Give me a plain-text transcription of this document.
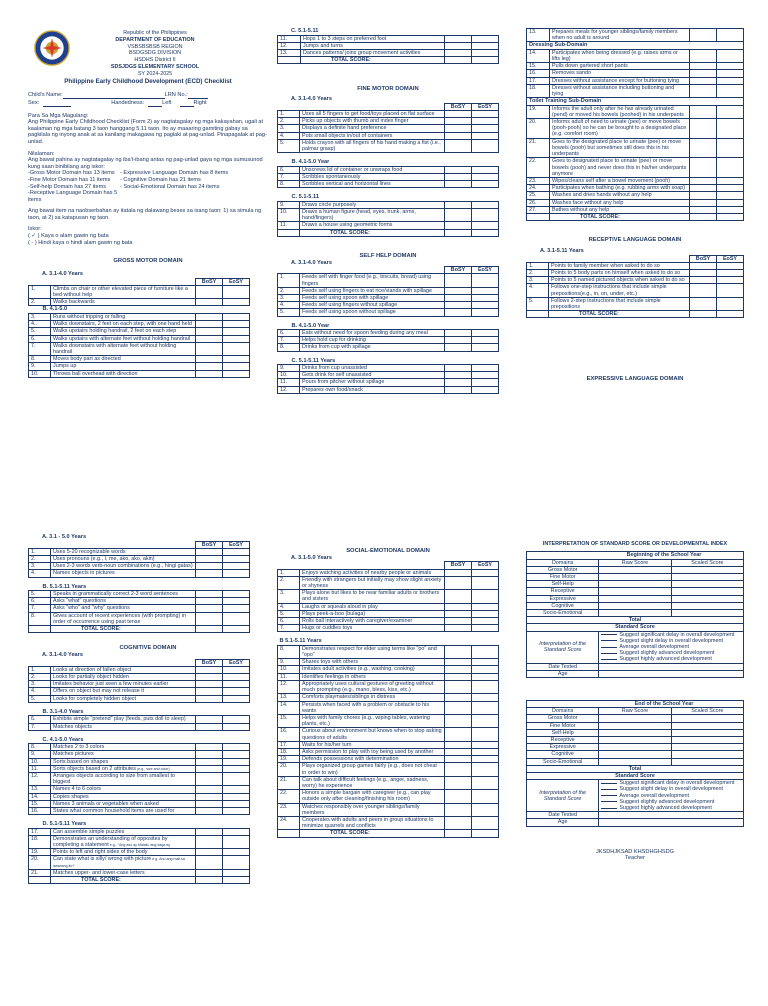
Republic of the Philippines
DEPARTMENT OF EDUCATION
VSBSBSBSB REGION
BSDGSDG DIVISION
HSDHS District II
SDSJDGS ELEMENTARY SCHOOL
SY 2024-2025
Philippine Early Childhood Development (ECD) Checklist
Child's Name:	LRN No.:
Sex:	Handedness:	Left	Right

Para Sa Mga Magulang:

Ang Philippine Early Childhood Checklist (Form 2) ay nagtatagalay ng mga kakayahan, ugali at kaalaman ng mga batang 3 taon hanggang 5.11 taon. Ito ay maaaring gamiting gabay sa pagkilala ng inyong anak at sa kanilang makagawa ng paglaki at pag-unlad. Pinapagalak at pag-unlad.

Nilalaman:

Ang bawat pahina ay nagtatagalay ng iba't-ibang antas ng pag-unlad gaya ng mga sumusunod kung saan binibilang ang iskor:

-Gross Motor Domain has 13 items - Expressive Language Domain has 8 items
-Fine Motor Domain has 11 items	- Cognitive Domain has 21 items
-Self-help Domain has 27 items	- Social-Emotional Domain has 24 items
-Receptive Language Domain has 5 items

Ang bawat item na naobserbahan ay itatala ng dalawang beses sa isang taon: 1) sa simula ng taon, at 2) sa katapusan ng taon.

Iskor:

( ✓ ) Kaya o alam gawin ng bata

( - ) Hindi kaya o hindi alam gawin ng bata

GROSS MOTOR DOMAIN
A. 3.1-4.0 Years
		BoSY	EoSY
1.	Climbs on chair or other elevated piece of furniture like a bed without help		
2.	Walks backwards		
B. 4.1-5.0			
3.	Runs without tripping or falling		
4..	Walks downstairs, 2 feet on each step, with one hand held		
5.	Walks upstairs holding handrail, 2 feet on each step		
6.	Walks upstairs with alternate feet without holding handrail		
7.	Walks downstairs with alternate feet without holding handrail		
8.	Moves body part as directed		
9.	Jumps up		
10.	Throws ball overhead with direction		
A. 3.1 - 5.0 Years
		BoSY	EoSY
1.	Uses 5-20 recognizable words		
2.	Uses pronouns (e.g., I, me, ako, ako, akin)		
3.	Uses 2-3 words verb-noun combinations (e.g., hingi gatas)		
4.	Names objects in pictures		

B. 5.1-5.11 Years			
5.	Speaks in grammatically correct 2-3 word sentences		
6.	Asks "what" questions		
7.	Asks "who" and "why" questions		
8.	Gives account of recent experiences (with prompting) in order of occurrence using past tense		
	TOTAL SCORE:		
COGNITIVE DOMAIN
A. 3.1-4.0 Years
		BoSY	EoSY
1.	Looks at direction of fallen object		
2.	Looks for partially object hidden		
3.	Imitates behavior just seen a few minutes earlier		
4.	Offers on object but may not release it		
5.	Looks for completely hidden object		

B. 3.1-4.0 Years			
6.	Exhibits simple "pretend" play (feeds, puts doll to sleep)		
7.	Matches objects		

C. 4.1-5.0 Years			
8.	Matches 2 to 3 colors		
9.	Matches pictures		
10.	Sorts based on shapes		
11.	Sorts objects based on 2 attributes (e.g., size and color)		
12.	Arranges objects according to size from smallest to biggest		
13.	Names 4 to 6 colors		
14.	Copies shapes		
15.	Names 3 animals or vegetables when asked		
16.	States what common household items are used for		

D. 5.1-5.11 Years			
17.	Can assemble simple puzzles		
18.	Demonstrates an understanding of opposites by completing a statement e.g., "Ang aso ay Malaki, ang daga ay		
19.	Points to left and right sides of the body		
20.	Can state what is silly/ wrong with picture e.g. Ano ang mali sa larawang ito?		
21.	Matches upper- and lower-case letters		
	TOTAL SCORE:		
C. 5.1-5.11
11.	Hops 1 to 3 steps on preferred foot		
12.	Jumps and turns		
13.	Dances patterns/ joins group movement activities		
	TOTAL SCORE:		
FINE MOTOR DOMAIN
A. 3.1-4.0 Years
		BoSY	EoSY
1.	Uses all 5 fingers to get food/toys placed on flat surface		
2.	Picks up objects with thumb and index finger		
3.	Displays a definite hand preference		
4.	Puts small objects in/out of containers		
5.	Holds crayon with all fingers of his hand making a fist (i.e., palmar grasp)		

B. 4.1-5.0 Year			
6.	Unscrews lid of container or unwraps food		
7.	Scribbles spontaneously		
8.	Scribbles vertical and horizontal lines		

C. 5.1-5.11			
9.	Draws circle purposely		
10.	Draws a human figure (head, eyes, trunk, arms, hand/fingers)		
11.	Draws a house using geometric forms		
	TOTAL SCORE:		
SELF HELP DOMAIN
A. 3.1-4.0 Years
		BoSY	EoSY
1.	Feeds self with finger food (e.g., biscuits, bread) using fingers		
2.	Feeds self using fingers to eat rice/viands with spillage		
3.	Feeds self using spoon with spillage		
4.	Feeds self using fingers without spillage		
5.	Feeds self using spoon without spillage		

B. 4.1-5.0 Year			
6.	Eats without need for spoon feeding during any meal		
7.	Helps hold cup for drinking		
8.	Drinks from cup with spillage		

C. 5.1-5.11 Years			
9.	Drinks from cup unassisted		
10.	Gets drink for self unassisted		
11.	Pours from pitcher without spillage		
12.	Prepares own food/snack		
SOCIAL-EMOTIONAL DOMAIN
A. 3.1-5.0 Years
		BoSY	EoSY
1.	Enjoys watching activities of nearby people or animals		
2.	Friendly with strangers but initially may show slight anxiety or shyness		
3.	Plays alone but likes to be near familiar adults or brothers and sisters		
4.	Laughs or squeals aloud in play		
5.	Plays peek-a-boo (bulaga)		
6.	Rolls ball interactively with caregiver/examiner		
7.	Hugs or cuddles toys		

B 5.1-5.11 Years			
8.	Demonstrates respect for elder using terms like "po" and "opo"		
9.	Shares toys with others		
10.	Imitates adult activities (e.g., washing, cooking)		
11.	Identifies feelings in others		
12.	Appropriately uses cultural gestures of greeting without much prompting (e.g., mano, bless, kiss, etc.)		
13.	Comforts playmates/siblings in distress		
14.	Persists when faced with a problem or obstacle to his wants		
15.	Helps with family chores (e.g., wiping tables, watering plants, etc.)		
16.	Curious about environment but knows when to stop asking questions of adults		
17.	Waits for his/her turn		
18.	Asks permission to play with toy being used by another		
19.	Defends possessions with determination		
20.	Plays organized group games fairly (e.g., does not cheat in order to win)		
21.	Can talk about difficult feelings (e.g., anger, sadness, worry) he experience		
22.	Honors a simple bargain with caregiver (e.g., can play outside only after cleaning/finishing his room)		
23.	Watches responsibly over younger siblings/family members		
24.	Cooperates with adults and peers in group situations to minimize quarrels and conflicts		
	TOTAL SCORE:		
13.	Prepares meals for younger siblings/family members when no adult is around		
Dressing Sub-Domain			
14.	Participates when being dressed (e.g. raises arms or lifts leg)		
15.	Pulls down gartered short pants		
16.	Removes sando		
17.	Dresses without assistance except for buttoning tying		
18.	Dresses without assistance including buttoning and tying		
Toilet Training Sub-Domain			
19.	Informs the adult only after he has already urinated (pend) or moved his bowels (poohed) in his underpants		
20.	Informs adult of need to urinate (pee) or move bowels (pooh-pooh) so he can be brought to a designated place (e.g. comfort room)		
21.	Goes to the designated place to urinate (pee) or move bowels (pooh) but sometimes still does this in his underpants		
22.	Goes to designated place to urinate (pee) or move bowels (pooh) and never does this in his/her underpants anymore		
23.	Wipes/cleans self after a bowel movement (pooh)		
24.	Participates when bathing (e.g. rubbing arms with soap)		
25.	Washes and dries hands without any help		
26.	Washes face without any help		
27.	Bathes without any help		
	TOTAL SCORE:		
RECEPTIVE LANGUAGE DOMAIN
A. 3.1-5.11 Years
		BoSY	EoSY
1.	Points to family member when asked to do so		
2.	Points to 5 body parts on himself when asked to do so		
3.	Points to 5 named pictured objects when asked to do so		
4.	Follows one-step instructions that include simple prepositions(e.g., in, on, under, etc.)		
5.	Follows 2-step instructions that include simple prepositions		
	TOTAL SCORE:		
EXPRESSIVE LANGUAGE DOMAIN
INTERPRETATION OF STANDARD SCORE OR DEVELOPMENTAL INDEX
Beginning of the School Year		
Domains	Raw Score	Scaled Score
Gross Motor		
Fine Motor		
Self-Help		
Receptive		
Expressive		
Cognitive		
Socio-Emotional		
Total		
Standard Score		
Interpretation of the Standard Score	Suggest significant delay in overall development
Suggest slight delay in overall development
Average overall development
Suggest slightly advanced development
Suggest highly advanced development	

Date Tested		
Age		
End of the School Year		
Domains	Raw Score	Scaled Score
Gross Motor		
Fine Motor		
Self-Help		
Receptive		
Expressive		
Cognitive		
Socio-Emotional		
Total		
Standard Score		
Interpretation of the Standard Score	Suggest significant delay in overall development
Suggest slight delay in overall development
Average overall development
Suggest slightly advanced development
Suggest highly advanced development	

Date Tested		
Age		
JKSDHJKSAD KHSDHGHSDG
Teacher
